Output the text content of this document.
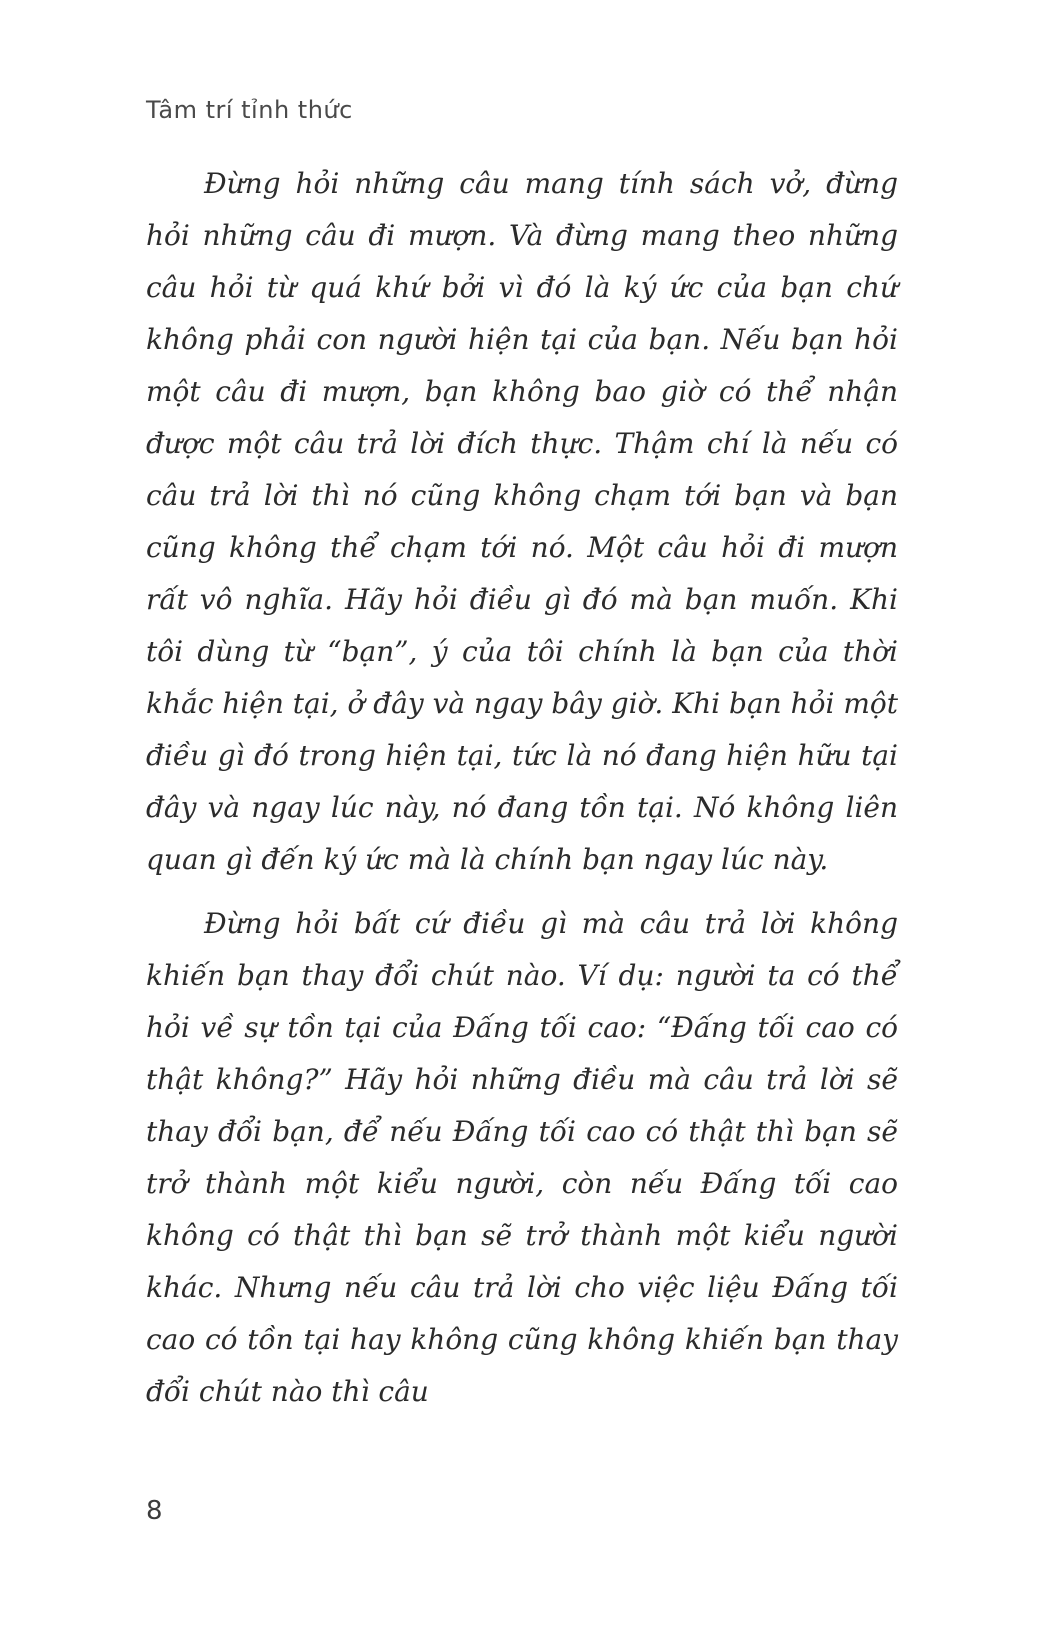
Tâm trí tỉnh thức

Đừng hỏi những câu mang tính sách vở, đừng hỏi những câu đi mượn. Và đừng mang theo những câu hỏi từ quá khứ bởi vì đó là ký ức của bạn chứ không phải con người hiện tại của bạn. Nếu bạn hỏi một câu đi mượn, bạn không bao giờ có thể nhận được một câu trả lời đích thực. Thậm chí là nếu có câu trả lời thì nó cũng không chạm tới bạn và bạn cũng không thể chạm tới nó. Một câu hỏi đi mượn rất vô nghĩa. Hãy hỏi điều gì đó mà bạn muốn. Khi tôi dùng từ “bạn”, ý của tôi chính là bạn của thời khắc hiện tại, ở đây và ngay bây giờ. Khi bạn hỏi một điều gì đó trong hiện tại, tức là nó đang hiện hữu tại đây và ngay lúc này, nó đang tồn tại. Nó không liên quan gì đến ký ức mà là chính bạn ngay lúc này.

Đừng hỏi bất cứ điều gì mà câu trả lời không khiến bạn thay đổi chút nào. Ví dụ: người ta có thể hỏi về sự tồn tại của Đấng tối cao: “Đấng tối cao có thật không?” Hãy hỏi những điều mà câu trả lời sẽ thay đổi bạn, để nếu Đấng tối cao có thật thì bạn sẽ trở thành một kiểu người, còn nếu Đấng tối cao không có thật thì bạn sẽ trở thành một kiểu người khác. Nhưng nếu câu trả lời cho việc liệu Đấng tối cao có tồn tại hay không cũng không khiến bạn thay đổi chút nào thì câu

8
